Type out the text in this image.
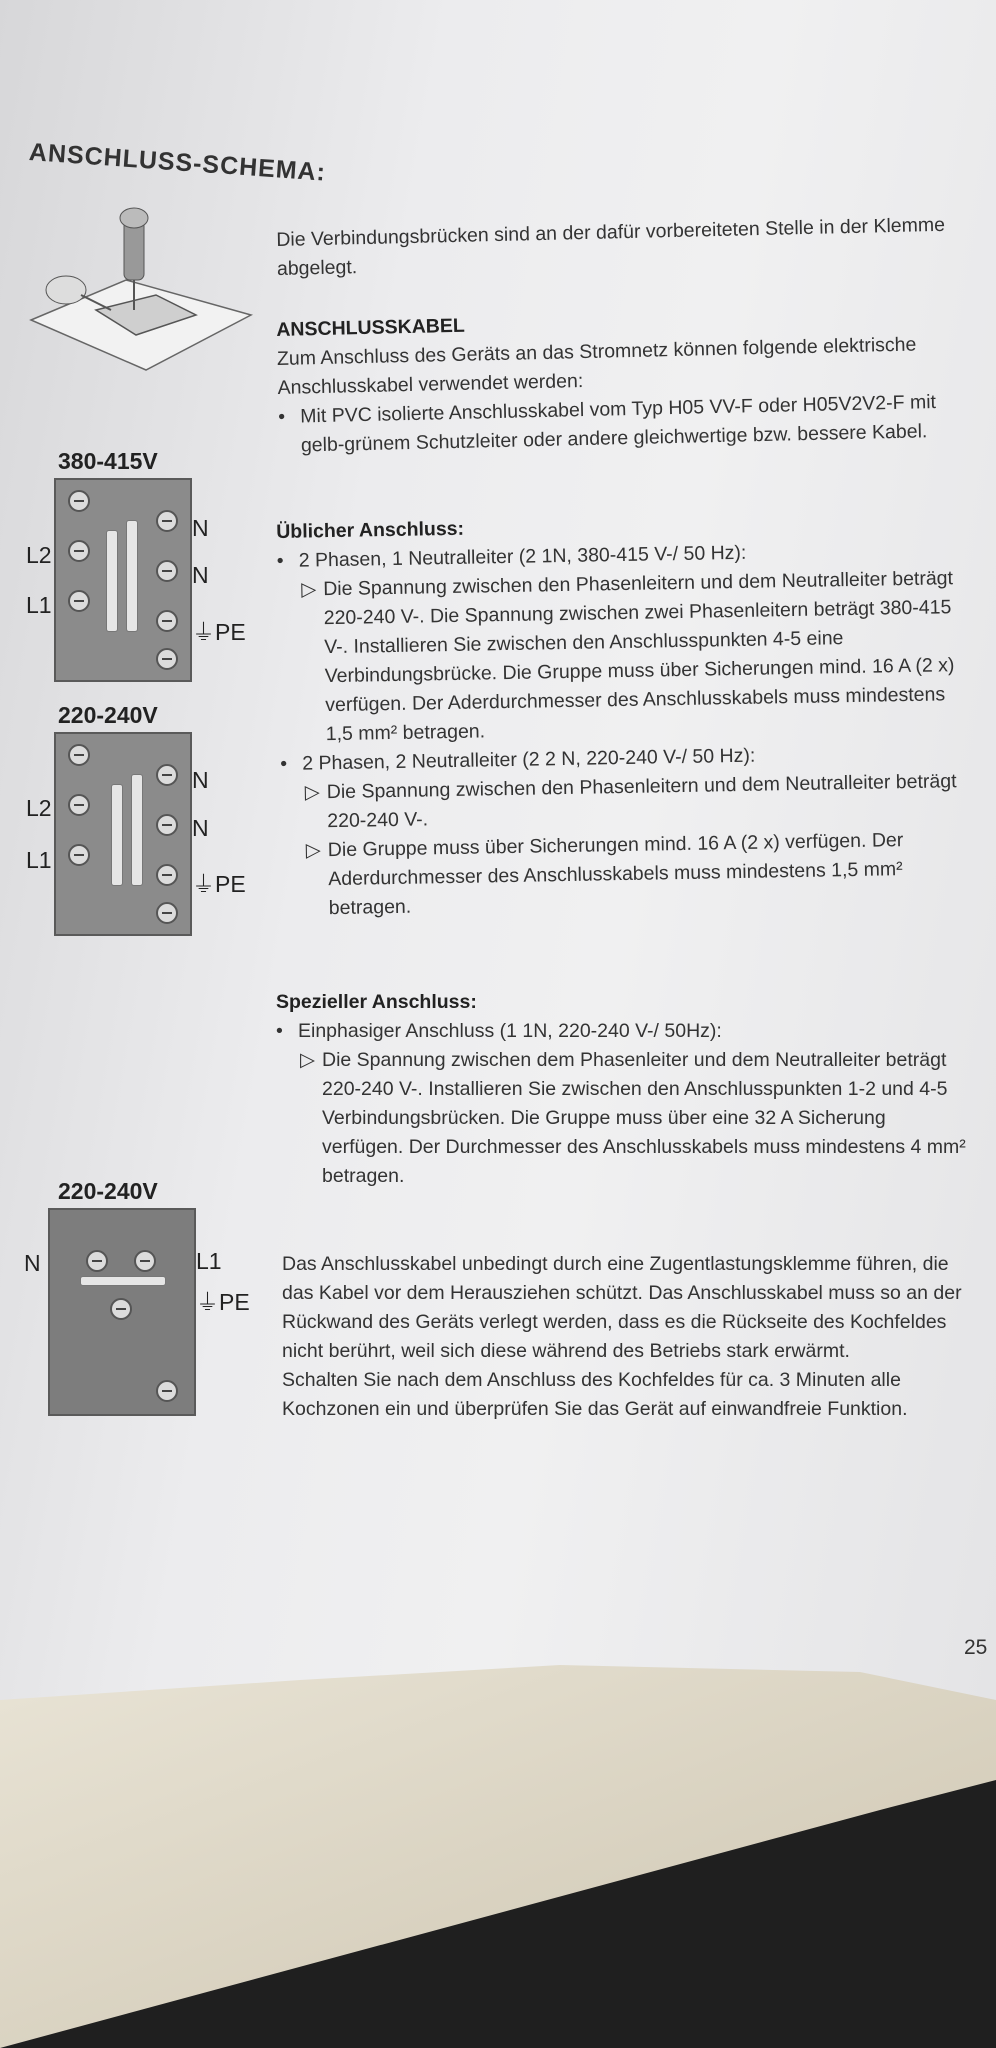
ANSCHLUSS-SCHEMA:
380-415V
N
L2
N
L1
⏚PE
220-240V
N
L2
N
L1
⏚PE
220-240V
N	L1
⏚PE

Die Verbindungsbrücken sind an der dafür vorbereiteten Stelle in der Klemme abgelegt.

ANSCHLUSSKABEL

Zum Anschluss des Geräts an das Stromnetz können folgende elektrische Anschlusskabel verwendet werden:

• Mit PVC isolierte Anschlusskabel vom Typ H05 VV-F oder H05V2V2-F mit gelb-grünem Schutzleiter oder andere gleichwertige bzw. bessere Kabel.

Üblicher Anschluss:

• 2 Phasen, 1 Neutralleiter (2 1N, 380-415 V-/ 50 Hz):

▷ Die Spannung zwischen den Phasenleitern und dem Neutralleiter beträgt 220-240 V-. Die Spannung zwischen zwei Phasenleitern beträgt 380-415 V-. Installieren Sie zwischen den Anschlusspunkten 4-5 eine Verbindungsbrücke. Die Gruppe muss über Sicherungen mind. 16 A (2 x) verfügen. Der Aderdurchmesser des Anschlusskabels muss mindestens 1,5 mm² betragen.

• 2 Phasen, 2 Neutralleiter (2 2 N, 220-240 V-/ 50 Hz):

▷ Die Spannung zwischen den Phasenleitern und dem Neutralleiter beträgt 220-240 V-.

▷ Die Gruppe muss über Sicherungen mind. 16 A (2 x) verfügen. Der Aderdurchmesser des Anschlusskabels muss mindestens 1,5 mm² betragen.

Spezieller Anschluss:

• Einphasiger Anschluss (1 1N, 220-240 V-/ 50Hz):

▷ Die Spannung zwischen dem Phasenleiter und dem Neutralleiter beträgt 220-240 V-. Installieren Sie zwischen den Anschlusspunkten 1-2 und 4-5 Verbindungsbrücken. Die Gruppe muss über eine 32 A Sicherung verfügen. Der Durchmesser des Anschlusskabels muss mindestens 4 mm² betragen.

Das Anschlusskabel unbedingt durch eine Zugentlastungsklemme führen, die das Kabel vor dem Herausziehen schützt. Das Anschlusskabel muss so an der Rückwand des Geräts verlegt werden, dass es die Rückseite des Kochfeldes nicht berührt, weil sich diese während des Betriebs stark erwärmt.

Schalten Sie nach dem Anschluss des Kochfeldes für ca. 3 Minuten alle Kochzonen ein und überprüfen Sie das Gerät auf einwandfreie Funktion.

25
